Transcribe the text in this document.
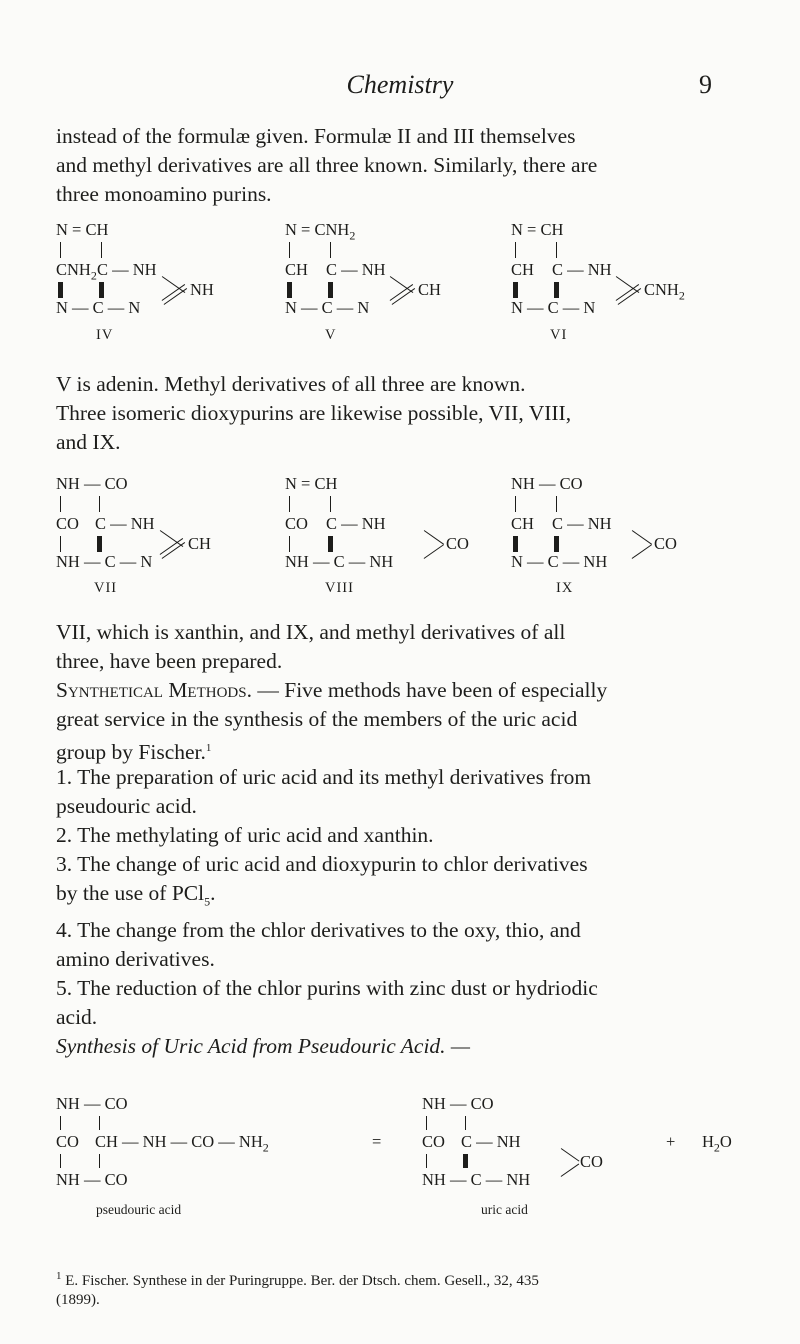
Chemistry	9

instead of the formulæ given. Formulæ II and III themselves
and methyl derivatives are all three known. Similarly, there are
three monoamino purins.

N = CH
$CNH_2$ C — NH
N — C — N
NH
IV
$N = CNH_2$
CH C — NH
N — C — N
CH
V
N = CH
CH C — NH
N — C — N
$CNH_2$
VI

V is adenin. Methyl derivatives of all three are known.
Three isomeric dioxypurins are likewise possible, VII, VIII,
and IX.

NH — CO
CO C — NH
NH — C — N
CH
VII
N = CH
CO C — NH
NH — C — NH
CO
VIII
NH — CO
CH C — NH
N — C — NH
CO
IX

VII, which is xanthin, and IX, and methyl derivatives of all
three, have been prepared.

Synthetical Methods. — Five methods have been of especially
great service in the synthesis of the members of the uric acid
group by Fischer.$^1$

1. The preparation of uric acid and its methyl derivatives from
pseudouric acid.
2. The methylating of uric acid and xanthin.
3. The change of uric acid and dioxypurin to chlor derivatives
by the use of PCl$_5$.
4. The change from the chlor derivatives to the oxy, thio, and
amino derivatives.
5. The reduction of the chlor purins with zinc dust or hydriodic
acid.
Synthesis of Uric Acid from Pseudouric Acid. —
NH — CO
CO CH — NH — CO — $NH_2$
NH — CO
pseudouric acid
=
NH — CO
CO C — NH
NH — C — NH
CO
uric acid
+ $H_2O$
$^1$ E. Fischer. Synthese in der Puringruppe. Ber. der Dtsch. chem. Gesell., 32, 435
(1899).
